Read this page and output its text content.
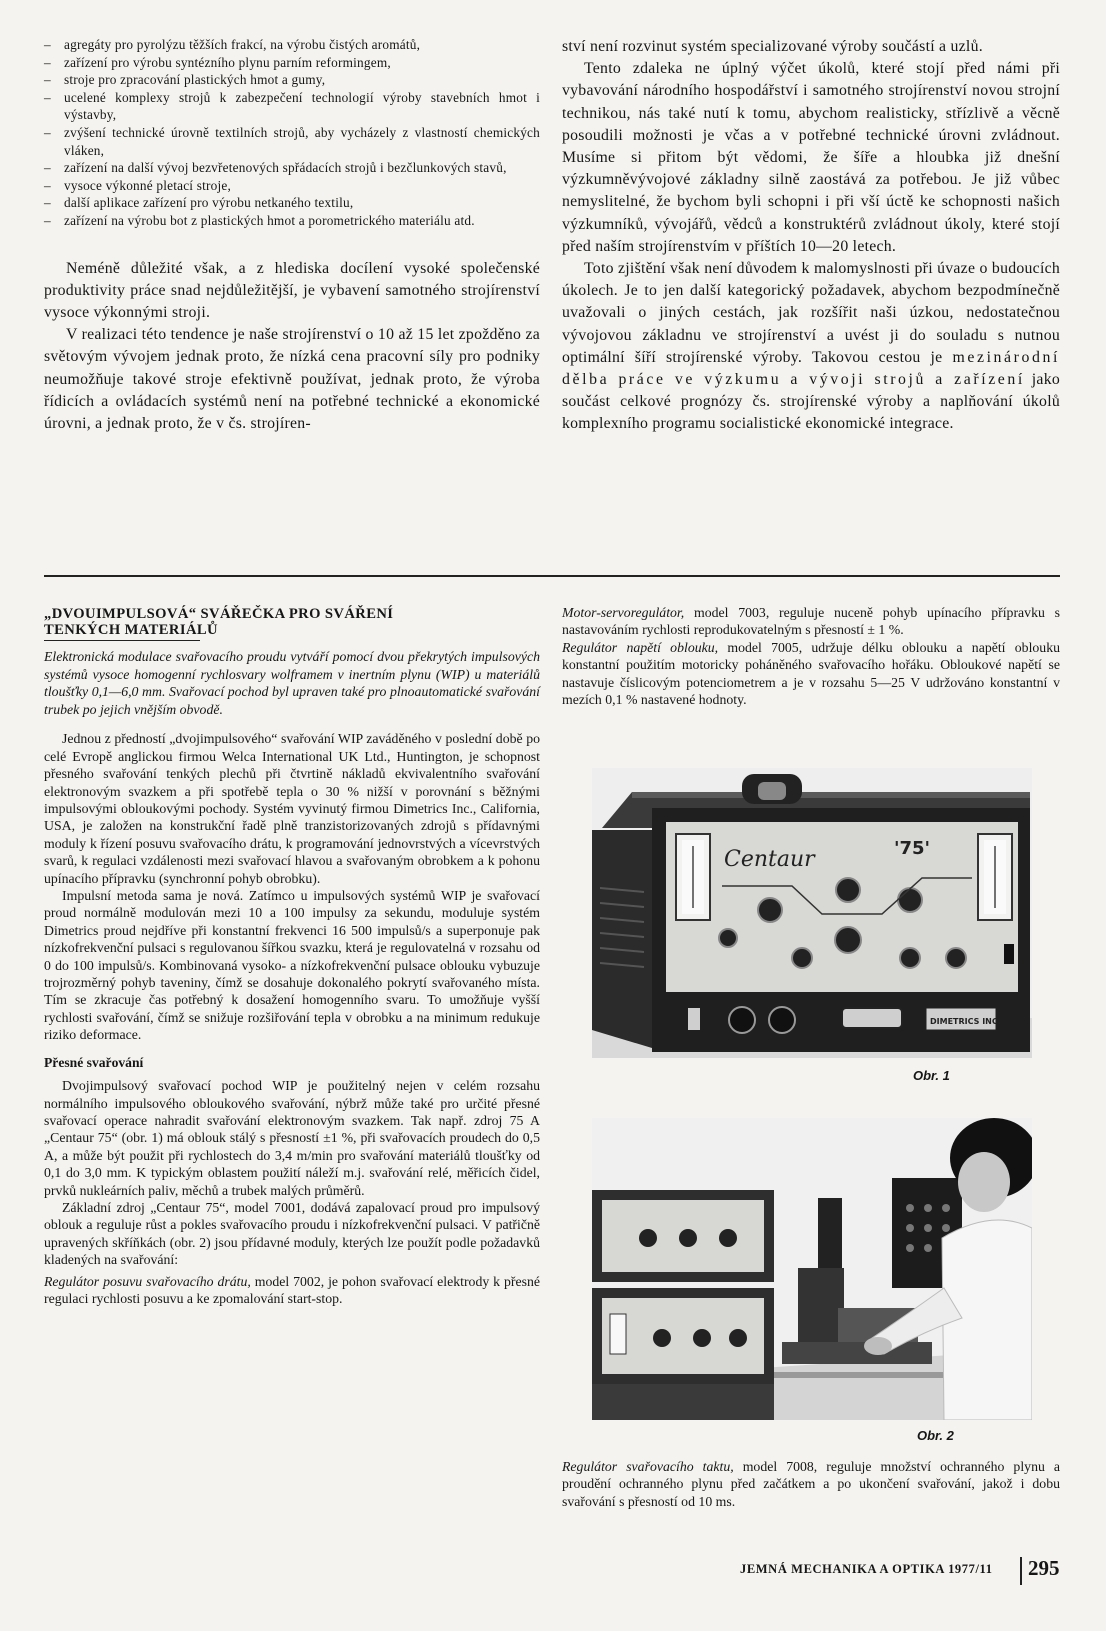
– agregáty pro pyrolýzu těžších frakcí, na výrobu čistých aromátů,
– zařízení pro výrobu syntézního plynu parním reformingem,
– stroje pro zpracování plastických hmot a gumy,
– ucelené komplexy strojů k zabezpečení technologií výroby stavebních hmot i výstavby,
– zvýšení technické úrovně textilních strojů, aby vycházely z vlastností chemických vláken,
– zařízení na další vývoj bezvřetenových spřádacích strojů i bezčlunkových stavů,
– vysoce výkonné pletací stroje,
– další aplikace zařízení pro výrobu netkaného textilu,
– zařízení na výrobu bot z plastických hmot a porometrického materiálu atd.

Neméně důležité však, a z hlediska docílení vysoké společenské produktivity práce snad nejdůležitější, je vybavení samotného strojírenství vysoce výkonnými stroji.

V realizaci této tendence je naše strojírenství o 10 až 15 let zpožděno za světovým vývojem jednak proto, že nízká cena pracovní síly pro podniky neumožňuje takové stroje efektivně používat, jednak proto, že výroba řídicích a ovládacích systémů není na potřebné technické a ekonomické úrovni, a jednak proto, že v čs. strojíren-

ství není rozvinut systém specializované výroby součástí a uzlů.

Tento zdaleka ne úplný výčet úkolů, které stojí před námi při vybavování národního hospodářství i samotného strojírenství novou strojní technikou, nás také nutí k tomu, abychom realisticky, střízlivě a věcně posoudili možnosti je včas a v potřebné technické úrovni zvládnout. Musíme si přitom být vědomi, že šíře a hloubka již dnešní výzkumněvývojové základny silně zaostává za potřebou. Je již vůbec nemyslitelné, že bychom byli schopni i při vší úctě ke schopnosti našich výzkumníků, vývojářů, vědců a konstruktérů zvládnout úkoly, které stojí před naším strojírenstvím v příštích 10—20 letech.

Toto zjištění však není důvodem k malomyslnosti při úvaze o budoucích úkolech. Je to jen další kategorický požadavek, abychom bezpodmínečně uvažovali o jiných cestách, jak rozšířit naši úzkou, nedostatečnou vývojovou základnu ve strojírenství a uvést ji do souladu s nutnou optimální šíří strojírenské výroby. Takovou cestou je mezinárodní dělba práce ve výzkumu a vývoji strojů a zařízení jako součást celkové prognózy čs. strojírenské výroby a naplňování úkolů komplexního programu socialistické ekonomické integrace.

„DVOUIMPULSOVÁ“ SVÁŘEČKA PRO SVÁŘENÍ
TENKÝCH MATERIÁLŮ
Elektronická modulace svařovacího proudu vytváří pomocí dvou překrytých impulsových systémů vysoce homogenní rychlosvary wolframem v inertním plynu (WIP) u materiálů tloušťky 0,1—6,0 mm. Svařovací pochod byl upraven také pro plnoautomatické svařování trubek po jejich vnějším obvodě.

Jednou z předností „dvojimpulsového“ svařování WIP zaváděného v poslední době po celé Evropě anglickou firmou Welca International UK Ltd., Huntington, je schopnost přesného svařování tenkých plechů při čtvrtině nákladů ekvivalentního svařování elektronovým svazkem a při spotřebě tepla o 30 % nižší v porovnání s běžnými impulsovými obloukovými pochody. Systém vyvinutý firmou Dimetrics Inc., California, USA, je založen na konstrukční řadě plně tranzistorizovaných zdrojů s přídavnými moduly k řízení posuvu svařovacího drátu, k programování jednovrstvých a vícevrstvých svarů, k regulaci vzdálenosti mezi svařovací hlavou a svařovaným obrobkem a k pohonu upínacího přípravku (synchronní pohyb obrobku).

Impulsní metoda sama je nová. Zatímco u impulsových systémů WIP je svařovací proud normálně modulován mezi 10 a 100 impulsy za sekundu, moduluje systém Dimetrics proud nejdříve při konstantní frekvenci 16 500 impulsů/s a superponuje pak nízkofrekvenční pulsaci s regulovanou šířkou svazku, která je regulovatelná v rozsahu od 0 do 100 impulsů/s. Kombinovaná vysoko- a nízkofrekvenční pulsace oblouku vybuzuje trojrozměrný pohyb taveniny, čímž se dosahuje dokonalého pokrytí svařovaného místa. Tím se zkracuje čas potřebný k dosažení homogenního svaru. To umožňuje vyšší rychlosti svařování, čímž se snižuje rozšiřování tepla v obrobku a na minimum redukuje riziko deformace.

Přesné svařování

Dvojimpulsový svařovací pochod WIP je použitelný nejen v celém rozsahu normálního impulsového obloukového svařování, nýbrž může také pro určité přesné svařovací operace nahradit svařování elektronovým svazkem. Tak např. zdroj 75 A „Centaur 75“ (obr. 1) má oblouk stálý s přesností ±1 %, při svařovacích proudech do 0,5 A, a může být použit při rychlostech do 3,4 m/min pro svařování materiálů tloušťky od 0,1 do 3,0 mm. K typickým oblastem použití náleží m.j. svařování relé, měřicích čidel, prvků nukleárních paliv, měchů a trubek malých průměrů.

Základní zdroj „Centaur 75“, model 7001, dodává zapalovací proud pro impulsový oblouk a reguluje růst a pokles svařovacího proudu i nízkofrekvenční pulsaci. V patřičně upravených skříňkách (obr. 2) jsou přídavné moduly, kterých lze použít podle požadavků kladených na svařování:

Regulátor posuvu svařovacího drátu, model 7002, je pohon svařovací elektrody k přesné regulaci rychlosti posuvu a ke zpomalování start-stop.

Motor-servoregulátor, model 7003, reguluje nuceně pohyb upínacího přípravku s nastavováním rychlosti reprodukovatelným s přesností ± 1 %.

Regulátor napětí oblouku, model 7005, udržuje délku oblouku a napětí oblouku konstantní použitím motoricky poháněného svařovacího hořáku. Obloukové napětí se nastavuje číslicovým potenciometrem a je v rozsahu 5—25 V udržováno konstantní v mezích 0,1 % nastavené hodnoty.

Centaur	'75'
DIMETRICS INC.
Obr. 1
Obr. 2

Regulátor svařovacího taktu, model 7008, reguluje množství ochranného plynu a proudění ochranného plynu před začátkem a po ukončení svařování, jakož i dobu svařování s přesností od 10 ms.

JEMNÁ MECHANIKA A OPTIKA 1977/11 295
